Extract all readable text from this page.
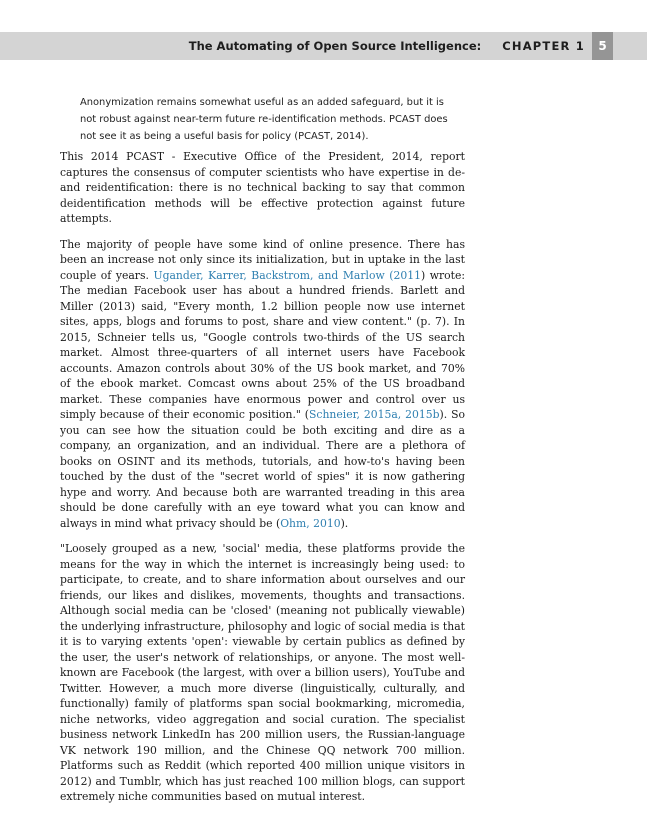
The Automating of Open Source Intelligence: CHAPTER 1	5

Anonymization remains somewhat useful as an added safeguard, but it is not robust against near-term future re-identification methods. PCAST does not see it as being a useful basis for policy (PCAST, 2014).

This 2014 PCAST - Executive Office of the President, 2014, report captures the consensus of computer scientists who have expertise in de- and reidentification: there is no technical backing to say that common deidentification methods will be effective protection against future attempts.

The majority of people have some kind of online presence. There has been an increase not only since its initialization, but in uptake in the last couple of years. Ugander, Karrer, Backstrom, and Marlow (2011) wrote: The median Facebook user has about a hundred friends. Barlett and Miller (2013) said, "Every month, 1.2 billion people now use internet sites, apps, blogs and forums to post, share and view content." (p. 7). In 2015, Schneier tells us, "Google controls two-thirds of the US search market. Almost three-quarters of all internet users have Facebook accounts. Amazon controls about 30% of the US book market, and 70% of the ebook market. Comcast owns about 25% of the US broadband market. These companies have enormous power and control over us simply because of their economic position." (Schneier, 2015a, 2015b). So you can see how the situation could be both exciting and dire as a company, an organization, and an individual. There are a plethora of books on OSINT and its methods, tutorials, and how-to's having been touched by the dust of the "secret world of spies" it is now gathering hype and worry. And because both are warranted treading in this area should be done carefully with an eye toward what you can know and always in mind what privacy should be (Ohm, 2010).

"Loosely grouped as a new, 'social' media, these platforms provide the means for the way in which the internet is increasingly being used: to participate, to create, and to share information about ourselves and our friends, our likes and dislikes, movements, thoughts and transactions. Although social media can be 'closed' (meaning not publically viewable) the underlying infrastructure, philosophy and logic of social media is that it is to varying extents 'open': viewable by certain publics as defined by the user, the user's network of relationships, or anyone. The most well-known are Facebook (the largest, with over a billion users), YouTube and Twitter. However, a much more diverse (linguistically, culturally, and functionally) family of platforms span social bookmarking, micromedia, niche networks, video aggregation and social curation. The specialist business network LinkedIn has 200 million users, the Russian-language VK network 190 million, and the Chinese QQ network 700 million. Platforms such as Reddit (which reported 400 million unique visitors in 2012) and Tumblr, which has just reached 100 million blogs, can support extremely niche communities based on mutual interest.
